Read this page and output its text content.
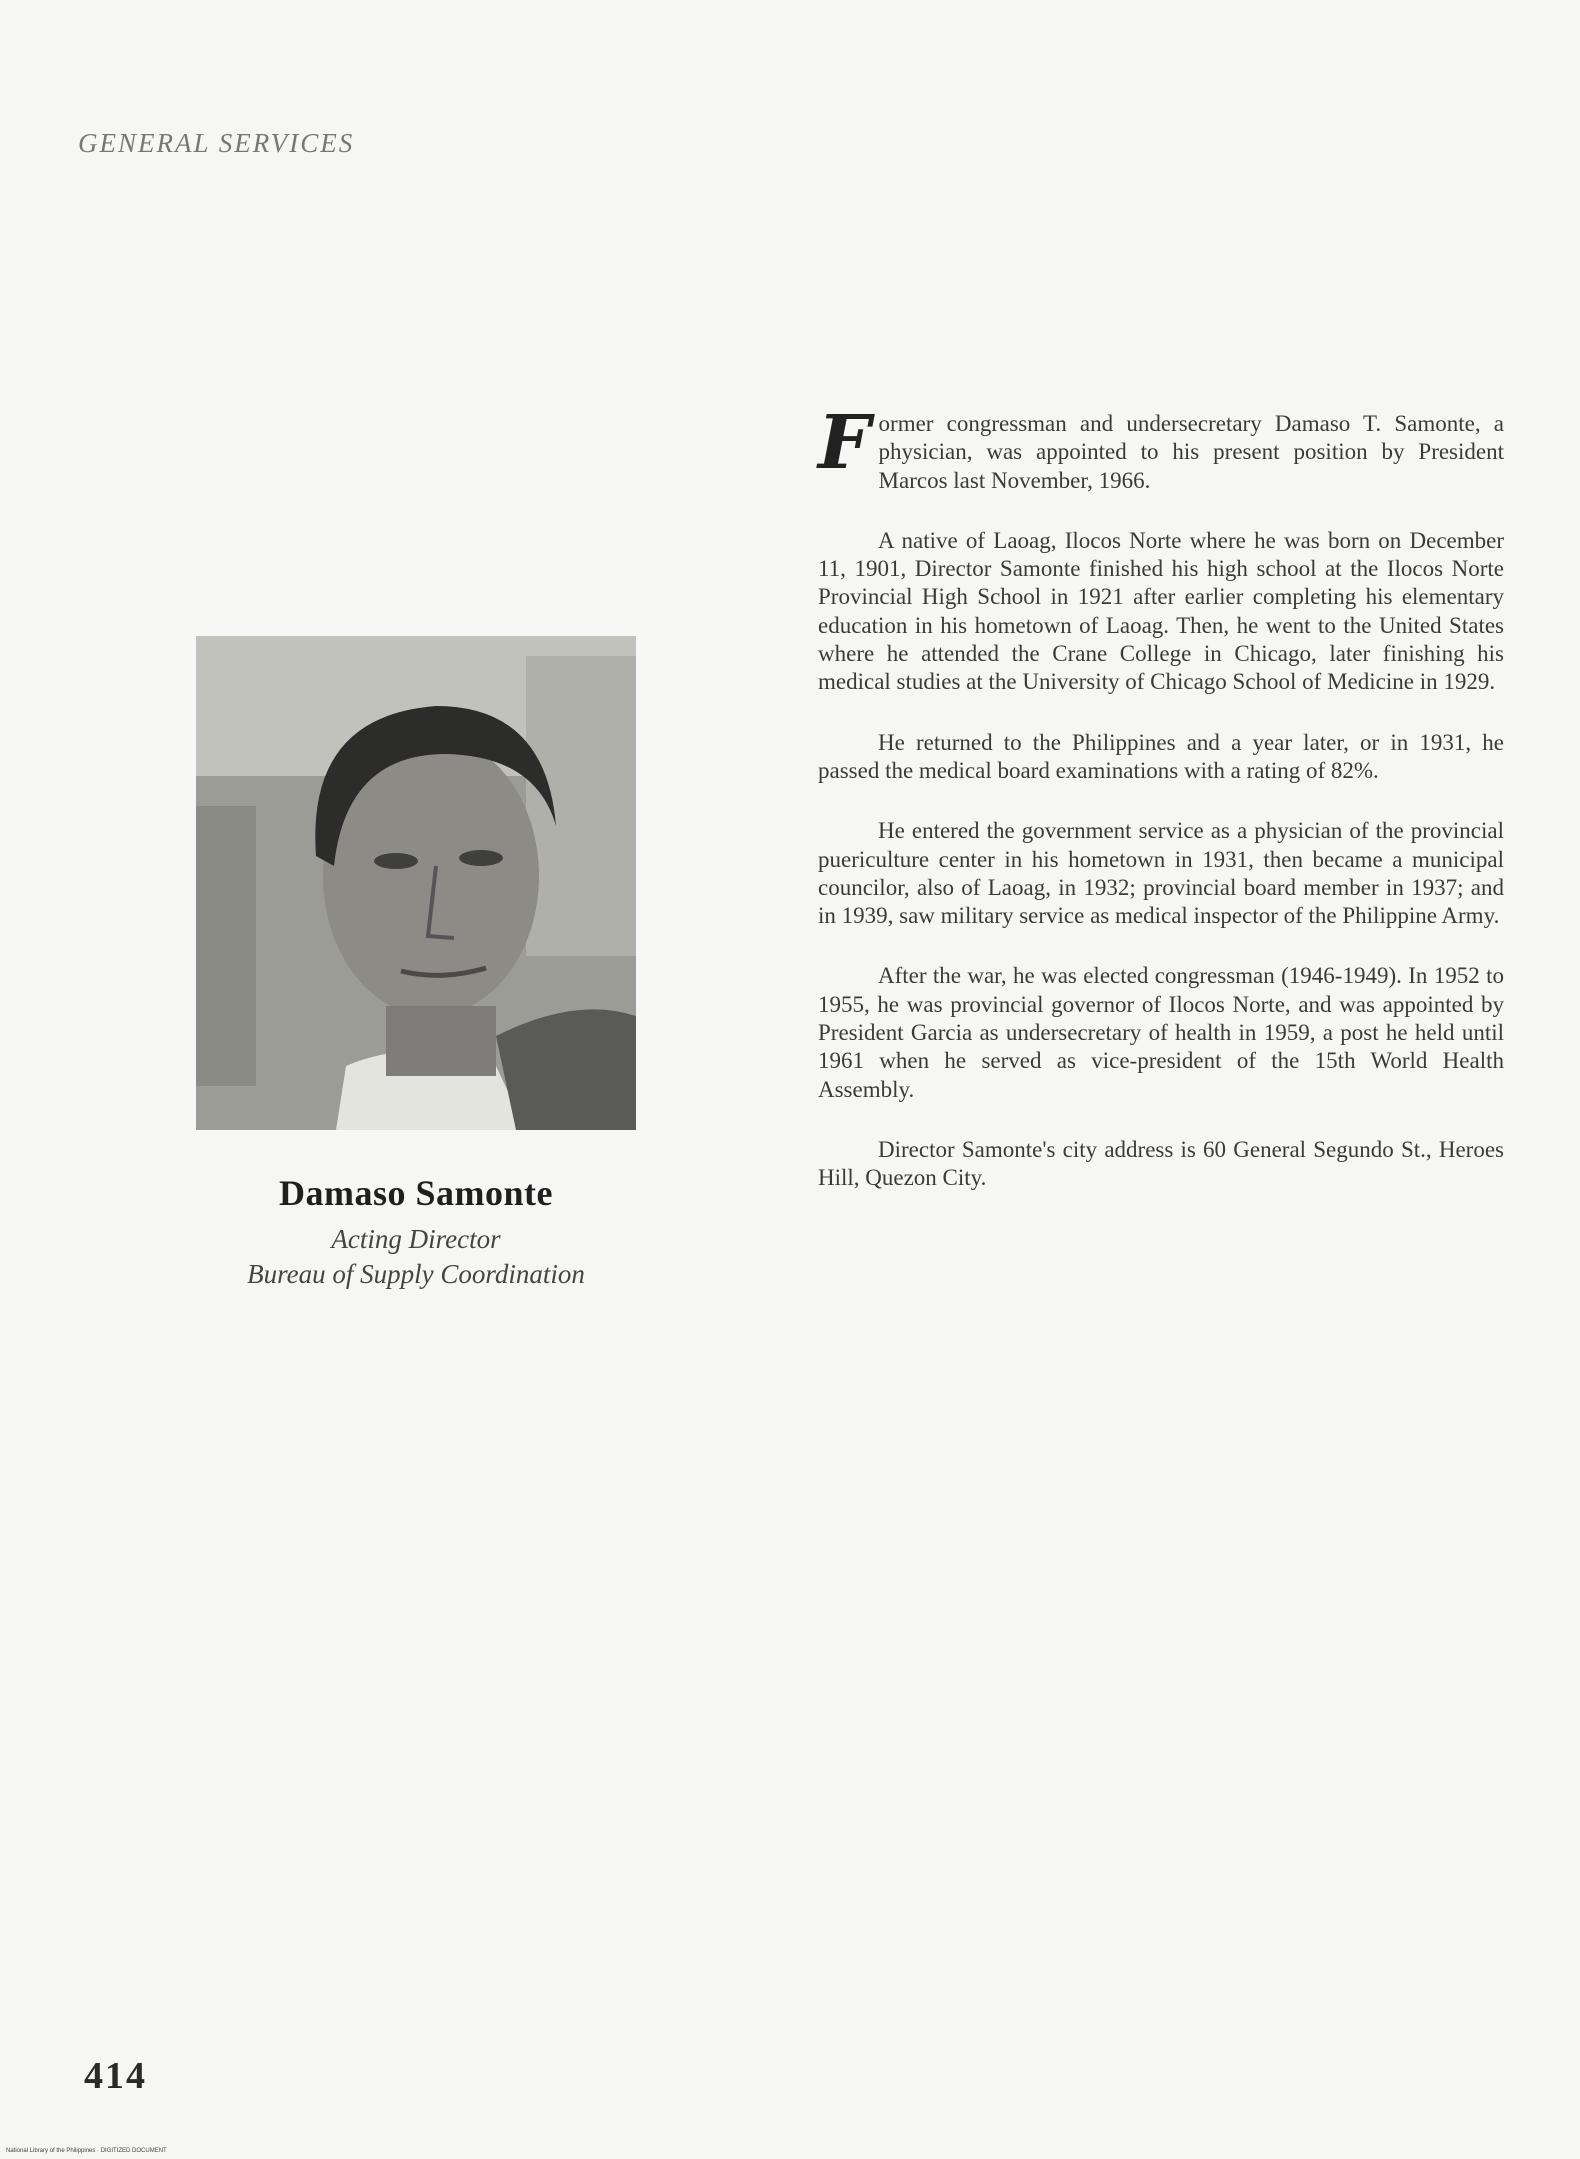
GENERAL SERVICES
Damaso Samonte
Acting Director
Bureau of Supply Coordination

Former congressman and undersecretary Damaso T. Samonte, a physician, was appointed to his present position by President Marcos last November, 1966.

A native of Laoag, Ilocos Norte where he was born on December 11, 1901, Director Samonte finished his high school at the Ilocos Norte Provincial High School in 1921 after earlier completing his elementary education in his hometown of Laoag. Then, he went to the United States where he attended the Crane College in Chicago, later finishing his medical studies at the University of Chicago School of Medicine in 1929.

He returned to the Philippines and a year later, or in 1931, he passed the medical board examinations with a rating of 82%.

He entered the government service as a physician of the provincial puericulture center in his hometown in 1931, then became a municipal councilor, also of Laoag, in 1932; provincial board member in 1937; and in 1939, saw military service as medical inspector of the Philippine Army.

After the war, he was elected congressman (1946-1949). In 1952 to 1955, he was provincial governor of Ilocos Norte, and was appointed by President Garcia as undersecretary of health in 1959, a post he held until 1961 when he served as vice-president of the 15th World Health Assembly.

Director Samonte's city address is 60 General Segundo St., Heroes Hill, Quezon City.

414
National Library of the Philippines · DIGITIZED DOCUMENT
